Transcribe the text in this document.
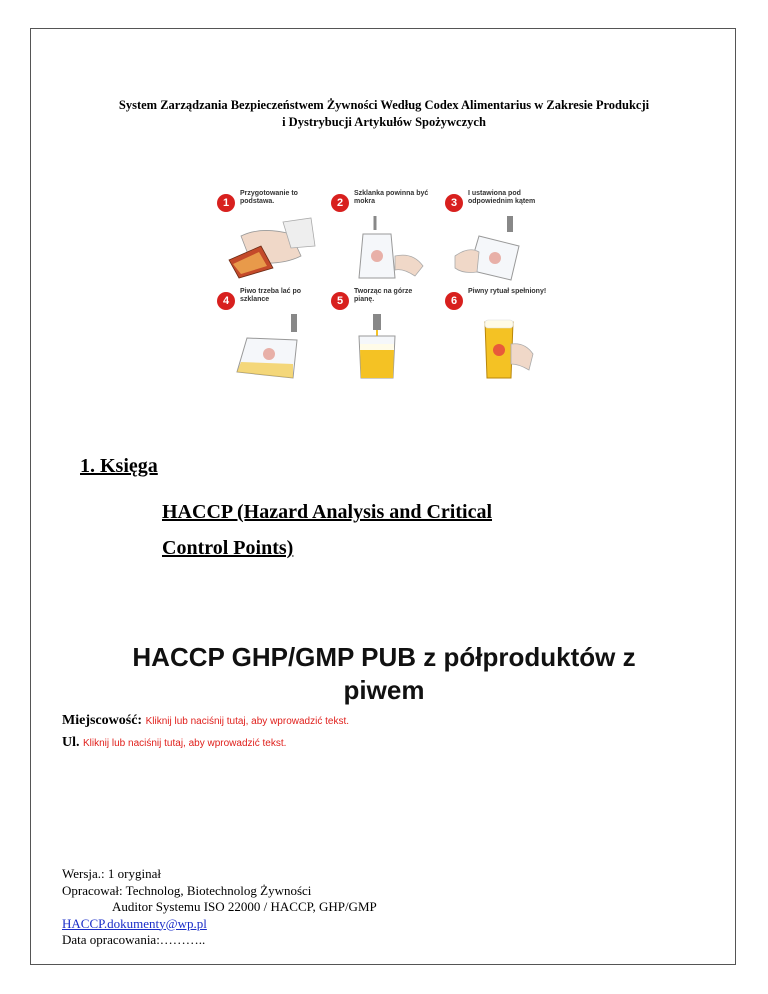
System Zarządzania Bezpieczeństwem Żywności Według Codex Alimentarius w Zakresie Produkcji
i Dystrybucji Artykułów Spożywczych
1
Przygotowanie to podstawa.	2
Szklanka powinna być mokra	3
I ustawiona pod odpowiednim kątem
4
Piwo trzeba lać po szklance	5
Tworząc na górze pianę.	6
Piwny rytuał spełniony!
1. Księga
HACCP (Hazard Analysis and Critical
Control Points)
HACCP GHP/GMP PUB z półproduktów z
piwem
Miejscowość: Kliknij lub naciśnij tutaj, aby wprowadzić tekst.
Ul. Kliknij lub naciśnij tutaj, aby wprowadzić tekst.
Wersja.: 1 oryginał
Opracował: Technolog, Biotechnolog Żywności
Auditor Systemu ISO 22000 / HACCP, GHP/GMP
HACCP.dokumenty@wp.pl
Data opracowania:………..
